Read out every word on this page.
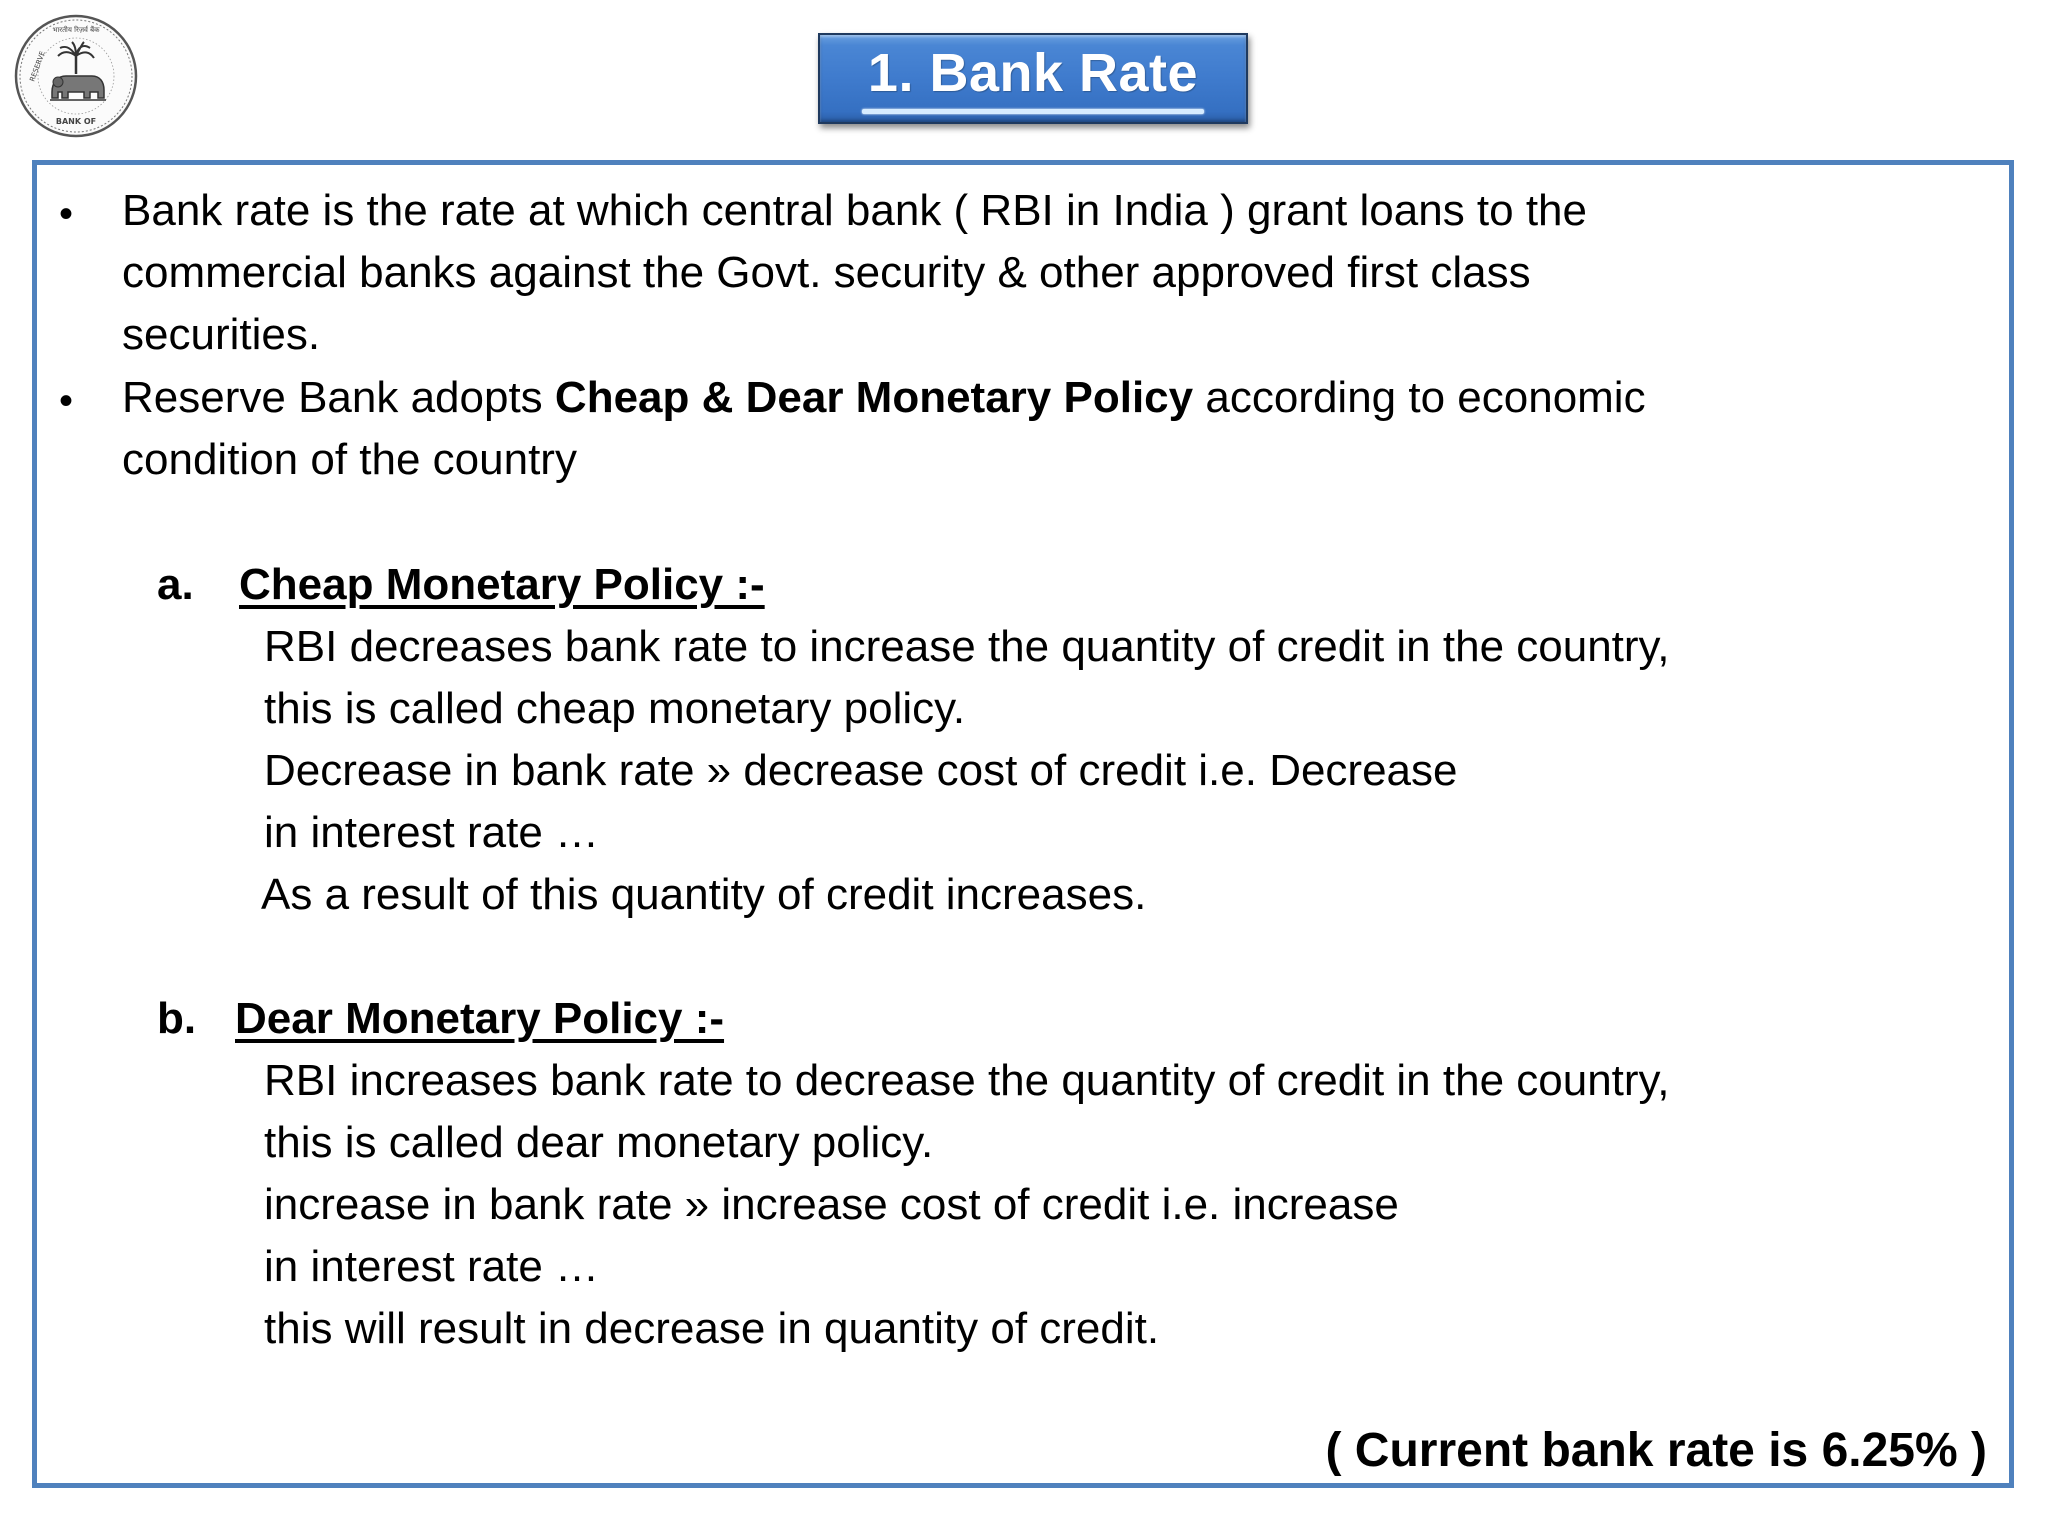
BANK OF
RESERVE
भारतीय रिज़र्व बैंक
1. Bank Rate
• Bank rate is the rate at which central bank ( RBI in India ) grant loans to the
commercial banks against the Govt. security & other approved first class
securities.
• Reserve Bank adopts Cheap & Dear Monetary Policy according to economic
condition of the country
a. Cheap Monetary Policy :-
RBI decreases bank rate to increase the quantity of credit in the country,
this is called cheap monetary policy.
Decrease in bank rate » decrease cost of credit i.e. Decrease
in interest rate …
As a result of this quantity of credit increases.
b. Dear Monetary Policy :-
RBI increases bank rate to decrease the quantity of credit in the country,
this is called dear monetary policy.
increase in bank rate » increase cost of credit i.e. increase
in interest rate …
this will result in decrease in quantity of credit.
( Current bank rate is 6.25% )
